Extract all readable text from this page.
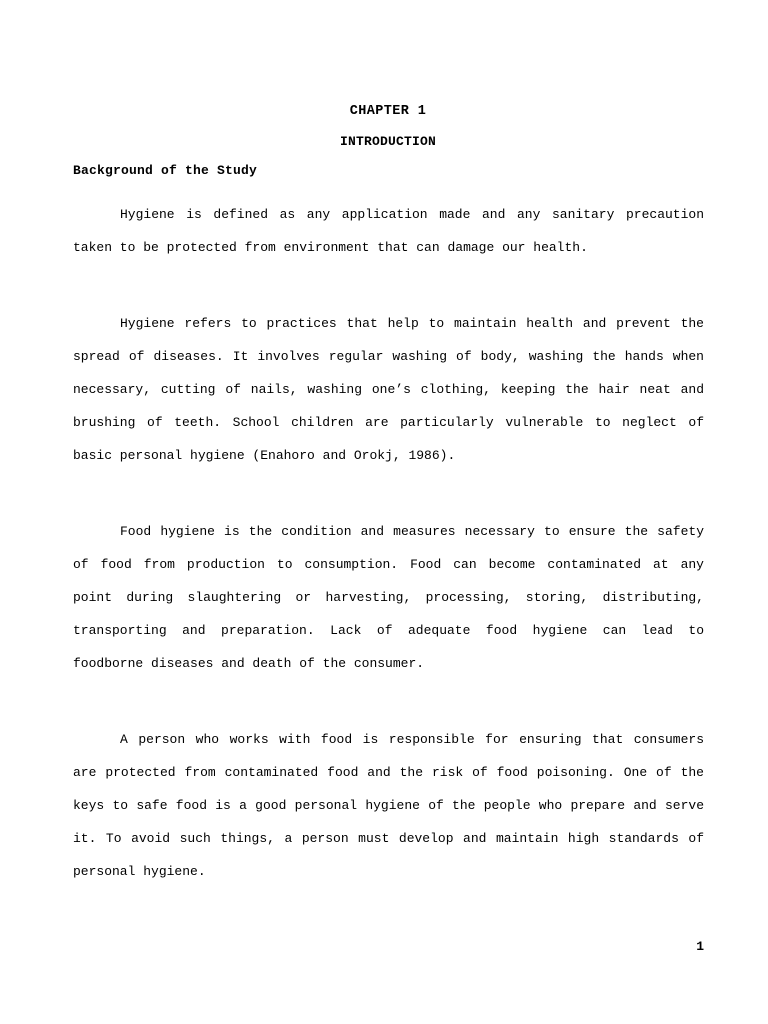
CHAPTER 1
INTRODUCTION
Background of the Study

Hygiene is defined as any application made and any sanitary precaution taken to be protected from environment that can damage our health.

Hygiene refers to practices that help to maintain health and prevent the spread of diseases. It involves regular washing of body, washing the hands when necessary, cutting of nails, washing one’s clothing, keeping the hair neat and brushing of teeth. School children are particularly vulnerable to neglect of basic personal hygiene (Enahoro and Orokj, 1986).

Food hygiene is the condition and measures necessary to ensure the safety of food from production to consumption. Food can become contaminated at any point during slaughtering or harvesting, processing, storing, distributing, transporting and preparation. Lack of adequate food hygiene can lead to foodborne diseases and death of the consumer.

A person who works with food is responsible for ensuring that consumers are protected from contaminated food and the risk of food poisoning. One of the keys to safe food is a good personal hygiene of the people who prepare and serve it. To avoid such things, a person must develop and maintain high standards of personal hygiene.

1
